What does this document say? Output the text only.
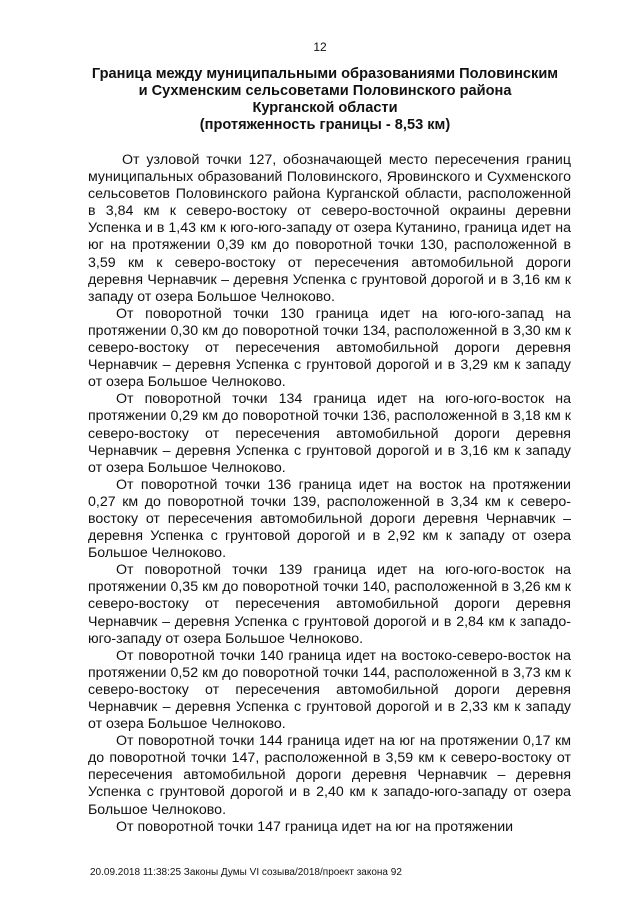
12
Граница между муниципальными образованиями Половинским
и Сухменским сельсоветами Половинского района
Курганской области
(протяженность границы - 8,53 км)

От узловой точки 127, обозначающей место пересечения границ муниципальных образований Половинского, Яровинского и Сухменского сельсоветов Половинского района Курганской области, расположенной в 3,84 км к северо-востоку от северо-восточной окраины деревни Успенка и в 1,43 км к юго-юго-западу от озера Кутанино, граница идет на юг на протяжении 0,39 км до поворотной точки 130, расположенной в 3,59 км к северо-востоку от пересечения автомобильной дороги деревня Чернавчик – деревня Успенка с грунтовой дорогой и в 3,16 км к западу от озера Большое Челноково.

От поворотной точки 130 граница идет на юго-юго-запад на протяжении 0,30 км до поворотной точки 134, расположенной в 3,30 км к северо-востоку от пересечения автомобильной дороги деревня Чернавчик – деревня Успенка с грунтовой дорогой и в 3,29 км к западу от озера Большое Челноково.

От поворотной точки 134 граница идет на юго-юго-восток на протяжении 0,29 км до поворотной точки 136, расположенной в 3,18 км к северо-востоку от пересечения автомобильной дороги деревня Чернавчик – деревня Успенка с грунтовой дорогой и в 3,16 км к западу от озера Большое Челноково.

От поворотной точки 136 граница идет на восток на протяжении 0,27 км до поворотной точки 139, расположенной в 3,34 км к северо-востоку от пересечения автомобильной дороги деревня Чернавчик – деревня Успенка с грунтовой дорогой и в 2,92 км к западу от озера Большое Челноково.

От поворотной точки 139 граница идет на юго-юго-восток на протяжении 0,35 км до поворотной точки 140, расположенной в 3,26 км к северо-востоку от пересечения автомобильной дороги деревня Чернавчик – деревня Успенка с грунтовой дорогой и в 2,84 км к западо-юго-западу от озера Большое Челноково.

От поворотной точки 140 граница идет на востоко-северо-восток на протяжении 0,52 км до поворотной точки 144, расположенной в 3,73 км к северо-востоку от пересечения автомобильной дороги деревня Чернавчик – деревня Успенка с грунтовой дорогой и в 2,33 км к западу от озера Большое Челноково.

От поворотной точки 144 граница идет на юг на протяжении 0,17 км до поворотной точки 147, расположенной в 3,59 км к северо-востоку от пересечения автомобильной дороги деревня Чернавчик – деревня Успенка с грунтовой дорогой и в 2,40 км к западо-юго-западу от озера Большое Челноково.

От поворотной точки 147 граница идет на юг на протяжении

20.09.2018 11:38:25 Законы Думы VI созыва/2018/проект закона 92
